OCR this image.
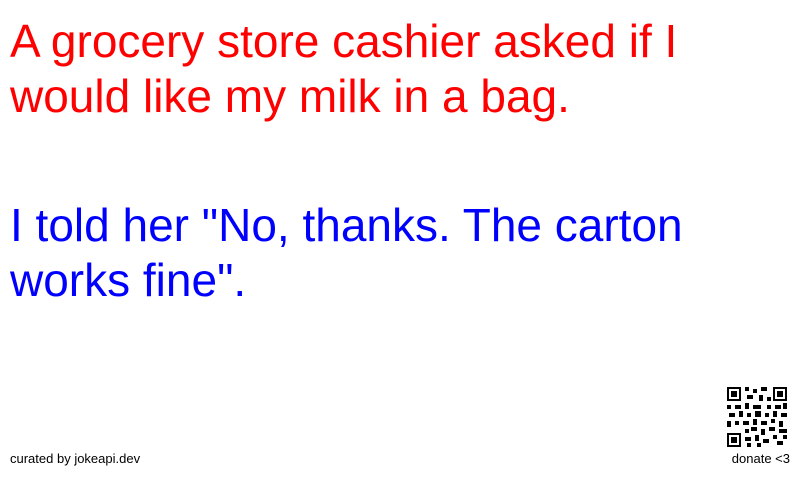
A grocery store cashier asked if I would like my milk in a bag.

I told her "No, thanks. The carton works fine".

curated by jokeapi.dev	donate <3
